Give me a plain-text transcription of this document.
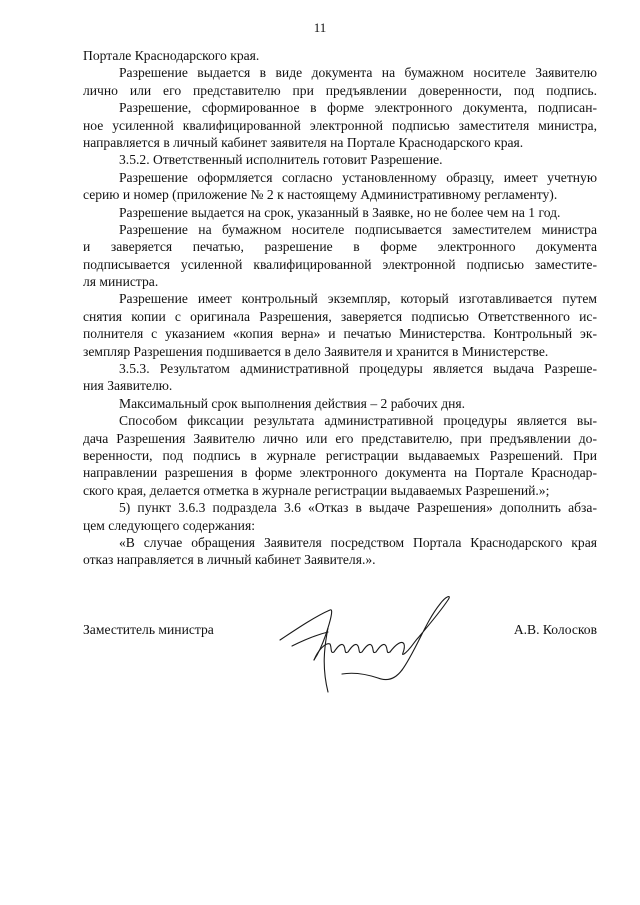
11
Портале Краснодарского края.
Разрешение выдается в виде документа на бумажном носителе Заявителю
лично или его представителю при предъявлении доверенности, под подпись.
Разрешение, сформированное в форме электронного документа, подписан-
ное усиленной квалифицированной электронной подписью заместителя министра,
направляется в личный кабинет заявителя на Портале Краснодарского края.
3.5.2. Ответственный исполнитель готовит Разрешение.
Разрешение оформляется согласно установленному образцу, имеет учетную
серию и номер (приложение № 2 к настоящему Административному регламенту).
Разрешение выдается на срок, указанный в Заявке, но не более чем на 1 год.
Разрешение на бумажном носителе подписывается заместителем министра
и заверяется печатью, разрешение в форме электронного документа
подписывается усиленной квалифицированной электронной подписью заместите-
ля министра.
Разрешение имеет контрольный экземпляр, который изготавливается путем
снятия копии с оригинала Разрешения, заверяется подписью Ответственного ис-
полнителя с указанием «копия верна» и печатью Министерства. Контрольный эк-
земпляр Разрешения подшивается в дело Заявителя и хранится в Министерстве.
3.5.3. Результатом административной процедуры является выдача Разреше-
ния Заявителю.
Максимальный срок выполнения действия – 2 рабочих дня.
Способом фиксации результата административной процедуры является вы-
дача Разрешения Заявителю лично или его представителю, при предъявлении до-
веренности, под подпись в журнале регистрации выдаваемых Разрешений. При
направлении разрешения в форме электронного документа на Портале Краснодар-
ского края, делается отметка в журнале регистрации выдаваемых Разрешений.»;
5) пункт 3.6.3 подраздела 3.6 «Отказ в выдаче Разрешения» дополнить абза-
цем следующего содержания:
«В случае обращения Заявителя посредством Портала Краснодарского края
отказ направляется в личный кабинет Заявителя.».
Заместитель министра	А.В. Колосков
